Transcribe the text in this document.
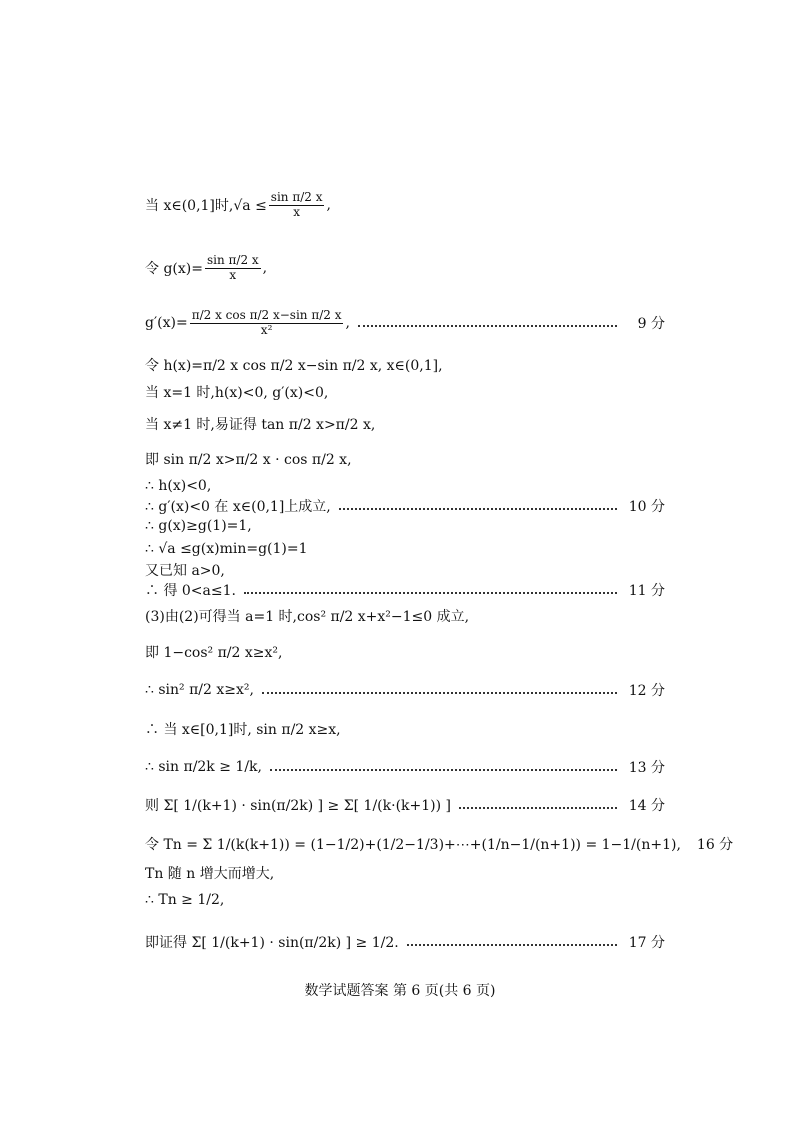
当 x∈(0,1]时$,√a \le \frac{\text{sin π/2 x}}{x}$ ,
令 $g(x)= \frac{\text{sin π/2 x}}{x}$ ,
$g'(x)= \frac{\text{π/2 x cos π/2 x−sin π/2 x}}{\text{x²}}$ ,	9 分
令 h(x)=π/2 x cos π/2 x−sin π/2 x, x∈(0,1],
当 x=1 时,h(x)<0, g′(x)<0,
当 x≠1 时,易证得 tan π/2 x>π/2 x,
即 sin π/2 x>π/2 x · cos π/2 x,
∴ h(x)<0,
∴ g′(x)<0 在 x∈(0,1]上成立,	10 分
∴ g(x)≥g(1)=1,
∴ √a ≤g(x)min=g(1)=1
又已知 a>0,
∴ 得 0<a≤1.	11 分
(3)由(2)可得当 a=1 时,cos² π/2 x+x²−1≤0 成立,
即 1−cos² π/2 x≥x²,
∴ sin² π/2 x≥x²,	12 分
∴ 当 x∈[0,1]时, sin π/2 x≥x,
∴ sin π/2k ≥ 1/k,	13 分
则 Σ[ 1/(k+1) · sin(π/2k) ] ≥ Σ[ 1/(k·(k+1)) ]	14 分
令 Tn = Σ 1/(k(k+1)) = (1−1/2)+(1/2−1/3)+⋯+(1/n−1/(n+1)) = 1−1/(n+1), 16 分
Tn 随 n 增大而增大,
∴ Tn ≥ 1/2,
即证得 Σ[ 1/(k+1) · sin(π/2k) ] ≥ 1/2.	17 分
数学试题答案 第 6 页(共 6 页)
